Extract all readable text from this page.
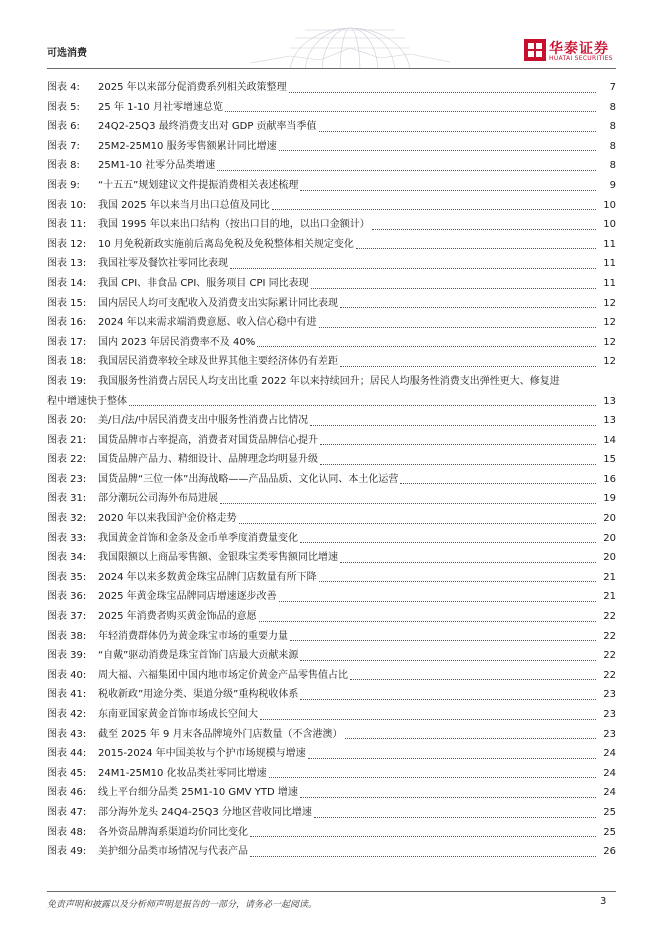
可选消费	华泰证券
HUATAI SECURITIES
图表 4: 2025 年以来部分促消费系列相关政策整理	7
图表 5: 25 年 1-10 月社零增速总览	8
图表 6: 24Q2-25Q3 最终消费支出对 GDP 贡献率当季值	8
图表 7: 25M2-25M10 服务零售额累计同比增速	8
图表 8: 25M1-10 社零分品类增速	8
图表 9: “十五五”规划建议文件提振消费相关表述梳理	9
图表 10: 我国 2025 年以来当月出口总值及同比	10
图表 11: 我国 1995 年以来出口结构（按出口目的地，以出口金额计）	10
图表 12: 10 月免税新政实施前后离岛免税及免税整体相关规定变化	11
图表 13: 我国社零及餐饮社零同比表现	11
图表 14: 我国 CPI、非食品 CPI、服务项目 CPI 同比表现	11
图表 15: 国内居民人均可支配收入及消费支出实际累计同比表现	12
图表 16: 2024 年以来需求端消费意愿、收入信心稳中有进	12
图表 17: 国内 2023 年居民消费率不及 40%	12
图表 18: 我国居民消费率较全球及世界其他主要经济体仍有差距	12
图表 19: 我国服务性消费占居民人均支出比重 2022 年以来持续回升；居民人均服务性消费支出弹性更大、修复进
程中增速快于整体	13
图表 20: 美/日/法/中居民消费支出中服务性消费占比情况	13
图表 21: 国货品牌市占率提高，消费者对国货品牌信心提升	14
图表 22: 国货品牌产品力、精细设计、品牌理念均明显升级	15
图表 23: 国货品牌“三位一体”出海战略——产品品质、文化认同、本土化运营	16
图表 31: 部分潮玩公司海外布局进展	19
图表 32: 2020 年以来我国沪金价格走势	20
图表 33: 我国黄金首饰和金条及金币单季度消费量变化	20
图表 34: 我国限额以上商品零售额、金银珠宝类零售额同比增速	20
图表 35: 2024 年以来多数黄金珠宝品牌门店数量有所下降	21
图表 36: 2025 年黄金珠宝品牌同店增速逐步改善	21
图表 37: 2025 年消费者购买黄金饰品的意愿	22
图表 38: 年轻消费群体仍为黄金珠宝市场的重要力量	22
图表 39: “自戴”驱动消费是珠宝首饰门店最大贡献来源	22
图表 40: 周大福、六福集团中国内地市场定价黄金产品零售值占比	22
图表 41: 税收新政”用途分类、渠道分级”重构税收体系	23
图表 42: 东南亚国家黄金首饰市场成长空间大	23
图表 43: 截至 2025 年 9 月末各品牌境外门店数量（不含港澳）	23
图表 44: 2015-2024 年中国美妆与个护市场规模与增速	24
图表 45: 24M1-25M10 化妆品类社零同比增速	24
图表 46: 线上平台细分品类 25M1-10 GMV YTD 增速	24
图表 47: 部分海外龙头 24Q4-25Q3 分地区营收同比增速	25
图表 48: 各外资品牌淘系渠道均价同比变化	25
图表 49: 美护细分品类市场情况与代表产品	26
免责声明和披露以及分析师声明是报告的一部分，请务必一起阅读。	3
